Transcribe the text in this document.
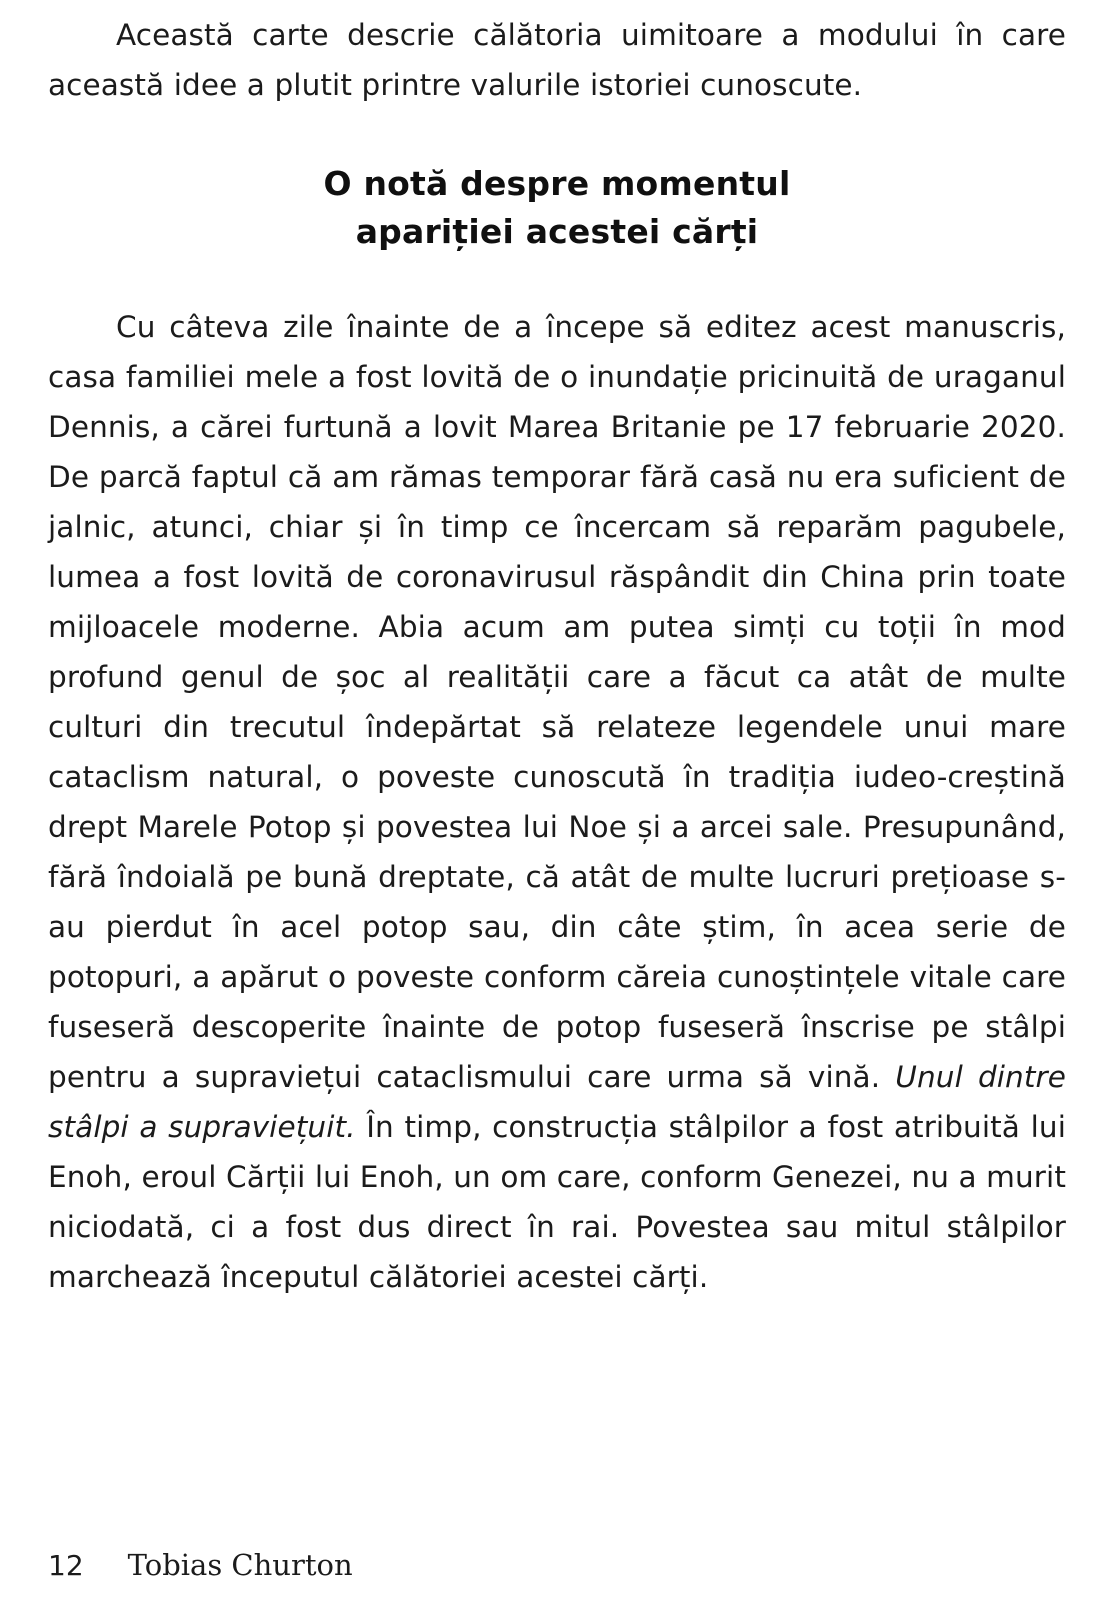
Această carte descrie călătoria uimitoare a modului în care această idee a plutit printre valurile istoriei cunoscute.

O notă despre momentul
apariției acestei cărți

Cu câteva zile înainte de a începe să editez acest manuscris, casa familiei mele a fost lovită de o inundație pricinuită de uraganul Dennis, a cărei furtună a lovit Marea Britanie pe 17 februarie 2020. De parcă faptul că am rămas temporar fără casă nu era suficient de jalnic, atunci, chiar și în timp ce încercam să reparăm pagubele, lumea a fost lovită de coronavirusul răspândit din China prin toate mijloacele moderne. Abia acum am putea simți cu toții în mod profund genul de șoc al realității care a făcut ca atât de multe culturi din trecutul îndepărtat să relateze legendele unui mare cataclism natural, o poveste cunoscută în tradiția iudeo-creștină drept Marele Potop și povestea lui Noe și a arcei sale. Presupunând, fără îndoială pe bună dreptate, că atât de multe lucruri prețioase s-au pierdut în acel potop sau, din câte știm, în acea serie de potopuri, a apărut o poveste conform căreia cunoștințele vitale care fuseseră descoperite înainte de potop fuseseră înscrise pe stâlpi pentru a supraviețui cataclismului care urma să vină. Unul dintre stâlpi a supraviețuit. În timp, construcția stâlpilor a fost atribuită lui Enoh, eroul Cărții lui Enoh, un om care, conform Genezei, nu a murit niciodată, ci a fost dus direct în rai. Povestea sau mitul stâlpilor marchează începutul călătoriei acestei cărți.

12 Tobias Churton
